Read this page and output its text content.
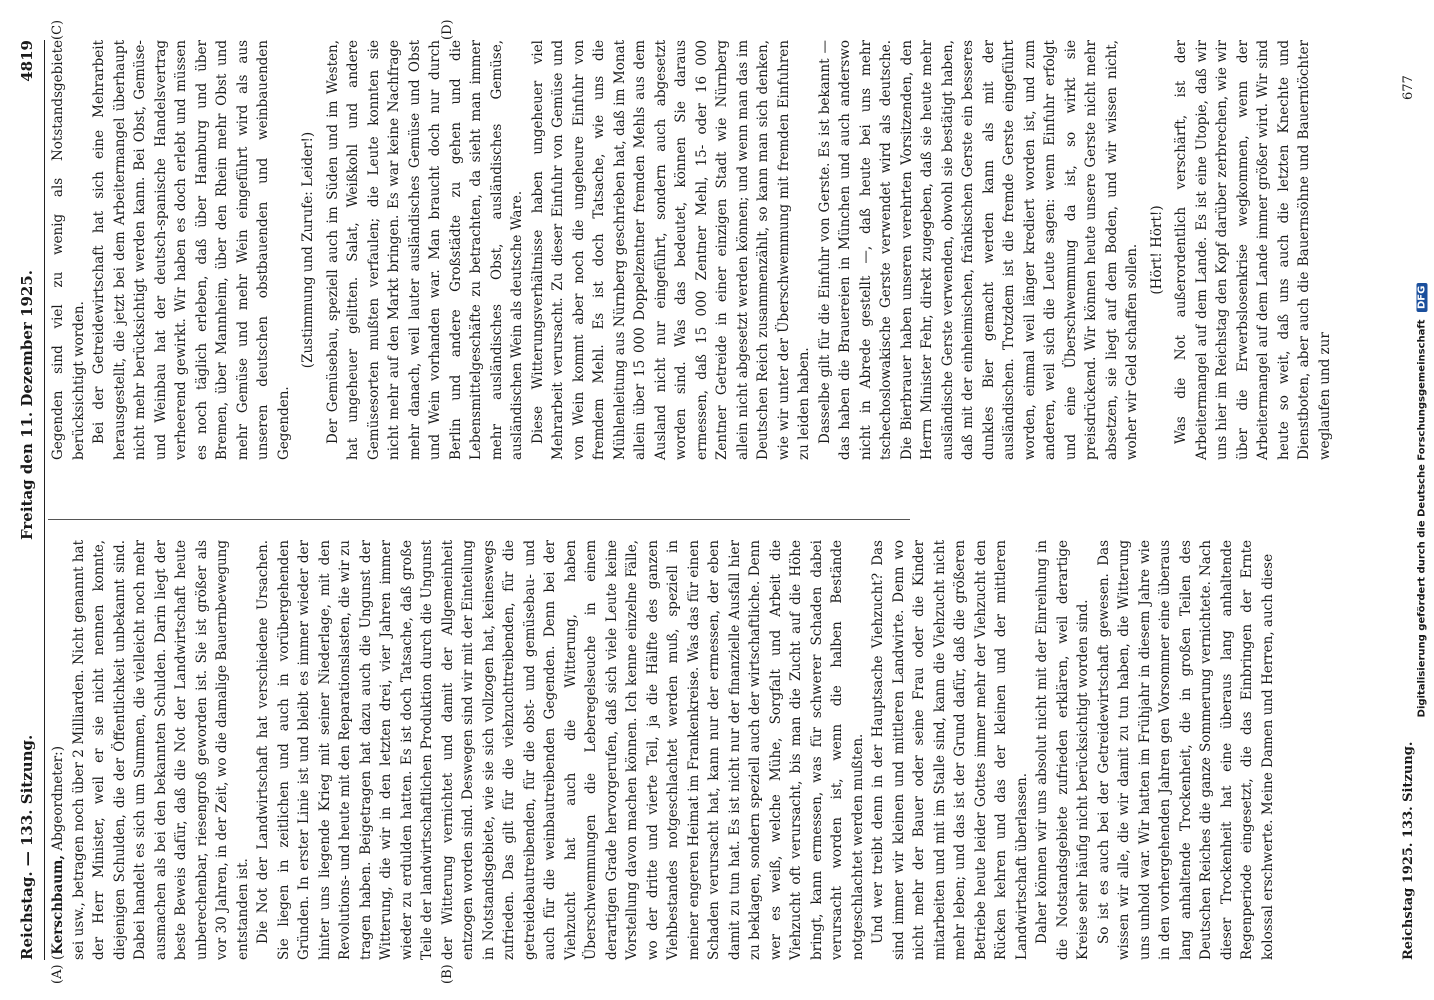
Reichstag. — 133. Sitzung.
Freitag den 11. Dezember 1925.
4819
(A)	(B)
(C)	(D)

(Kerschbaum, Abgeordneter:) sei usw., betragen noch über 2 Milliarden. Nicht genannt hat der Herr Minister, weil er sie nicht nennen konnte, diejenigen Schulden, die der Öffentlichkeit unbekannt sind. Dabei handelt es sich um Summen, die vielleicht noch mehr ausmachen als bei den bekannten Schulden. Darin liegt der beste Beweis dafür, daß die Not der Landwirtschaft heute unberechenbar, riesengroß geworden ist. Sie ist größer als vor 30 Jahren, in der Zeit, wo die damalige Bauernbewegung entstanden ist. Die Not der Landwirtschaft hat verschiedene Ursachen. Sie liegen in zeitlichen und auch in vorübergehenden Gründen. In erster Linie ist und bleibt es immer wieder der hinter uns liegende Krieg mit seiner Niederlage, mit den Revolutions- und heute mit den Reparationslasten, die wir zu tragen haben. Beigetragen hat dazu auch die Ungunst der Witterung, die wir in den letzten drei, vier Jahren immer wieder zu erdulden hatten. Es ist doch Tatsache, daß große Teile der landwirtschaftlichen Produktion durch die Ungunst der Witterung vernichtet und damit der Allgemeinheit entzogen worden sind. Deswegen sind wir mit der Einteilung in Notstandsgebiete, wie sie sich vollzogen hat, keineswegs zufrieden. Das gilt für die viehzuchttreibenden, für die getreidebautreibenden, für die obst- und gemüsebau- und auch für die weinbautreibenden Gegenden. Denn bei der Viehzucht hat auch die Witterung, haben Überschwemmungen die Leberegelseuche in einem derartigen Grade hervorgerufen, daß sich viele Leute keine Vorstellung davon machen können. Ich kenne einzelne Fälle, wo der dritte und vierte Teil, ja die Hälfte des ganzen Viehbestandes notgeschlachtet werden muß, speziell in meiner engeren Heimat im Frankenkreise. Was das für einen Schaden verursacht hat, kann nur der ermessen, der eben damit zu tun hat. Es ist nicht nur der finanzielle Ausfall hier zu beklagen, sondern speziell auch der wirtschaftliche. Denn wer es weiß, welche Mühe, Sorgfalt und Arbeit die Viehzucht oft verursacht, bis man die Zucht auf die Höhe bringt, kann ermessen, was für schwerer Schaden dabei verursacht worden ist, wenn die halben Bestände notgeschlachtet werden mußten. Und wer treibt denn in der Hauptsache Viehzucht? Das sind immer wir kleinen und mittleren Landwirte. Denn wo nicht mehr der Bauer oder seine Frau oder die Kinder mitarbeiten und mit im Stalle sind, kann die Viehzucht nicht mehr leben; und das ist der Grund dafür, daß die größeren Betriebe heute leider Gottes immer mehr der Viehzucht den Rücken kehren und das der kleinen und der mittleren Landwirtschaft überlassen. Daher können wir uns absolut nicht mit der Einreihung in die Notstandsgebiete zufrieden erklären, weil derartige Kreise sehr häufig nicht berücksichtigt worden sind. So ist es auch bei der Getreidewirtschaft gewesen. Das wissen wir alle, die wir damit zu tun haben, die Witterung uns unhold war. Wir hatten im Frühjahr in diesem Jahre wie in den vorhergehenden Jahren gen Vorsommer eine überaus lang anhaltende Trockenheit, die in großen Teilen des Deutschen Reiches die ganze Sommerung vernichtete. Nach dieser Trockenheit hat eine überaus lang anhaltende Regenperiode eingesetzt, die das Einbringen der Ernte kolossal erschwerte. Meine Damen und Herren, auch diese

Gegenden sind viel zu wenig als Notstandsgebiete berücksichtigt worden. Bei der Getreidewirtschaft hat sich eine Mehrarbeit herausgestellt, die jetzt bei dem Arbeitermangel überhaupt nicht mehr berücksichtigt werden kann. Bei Obst, Gemüse- und Weinbau hat der deutsch-spanische Handelsvertrag verheerend gewirkt. Wir haben es doch erlebt und müssen es noch täglich erleben, daß über Hamburg und über Bremen, über Mannheim, über den Rhein mehr Obst und mehr Gemüse und mehr Wein eingeführt wird als aus unseren deutschen obstbauenden und weinbauenden Gegenden.

(Zustimmung und Zurufe: Leider!) Der Gemüsebau, speziell auch im Süden und im Westen, hat ungeheuer gelitten. Salat, Weißkohl und andere Gemüsesorten mußten verfaulen; die Leute konnten sie nicht mehr auf den Markt bringen. Es war keine Nachfrage mehr danach, weil lauter ausländisches Gemüse und Obst und Wein vorhanden war. Man braucht doch nur durch Berlin und andere Großstädte zu gehen und die Lebensmittelgeschäfte zu betrachten, da sieht man immer mehr ausländisches Obst, ausländisches Gemüse, ausländischen Wein als deutsche Ware. Diese Witterungsverhältnisse haben ungeheuer viel Mehrarbeit verursacht. Zu dieser Einfuhr von Gemüse und von Wein kommt aber noch die ungeheure Einfuhr von fremdem Mehl. Es ist doch Tatsache, wie uns die Mühlenleitung aus Nürnberg geschrieben hat, daß im Monat allein über 15 000 Doppelzentner fremden Mehls aus dem Ausland nicht nur eingeführt, sondern auch abgesetzt worden sind. Was das bedeutet, können Sie daraus ermessen, daß 15 000 Zentner Mehl, 15- oder 16 000 Zentner Getreide in einer einzigen Stadt wie Nürnberg allein nicht abgesetzt werden können; und wenn man das im Deutschen Reich zusammenzählt, so kann man sich denken, wie wir unter der Überschwemmung mit fremden Einfuhren zu leiden haben. Dasselbe gilt für die Einfuhr von Gerste. Es ist bekannt — das haben die Brauereien in München und auch anderswo nicht in Abrede gestellt —, daß heute bei uns mehr tschechoslowakische Gerste verwendet wird als deutsche. Die Bierbrauer haben unseren verehrten Vorsitzenden, den Herrn Minister Fehr, direkt zugegeben, daß sie heute mehr ausländische Gerste verwenden, obwohl sie bestätigt haben, daß mit der einheimischen, fränkischen Gerste ein besseres dunkles Bier gemacht werden kann als mit der ausländischen. Trotzdem ist die fremde Gerste eingeführt worden, einmal weil länger krediert worden ist, und zum anderen, weil sich die Leute sagen: wenn Einfuhr erfolgt und eine Überschwemmung da ist, so wirkt sie preisdrückend. Wir können heute unsere Gerste nicht mehr absetzen, sie liegt auf dem Boden, und wir wissen nicht, woher wir Geld schaffen sollen. (Hört! Hört!) Was die Not außerordentlich verschärft, ist der Arbeitermangel auf dem Lande. Es ist eine Utopie, daß wir uns hier im Reichstag den Kopf darüber zerbrechen, wie wir über die Erwerbslosenkrise wegkommen, wenn der Arbeitermangel auf dem Lande immer größer wird. Wir sind heute so weit, daß uns auch die letzten Knechte und Dienstboten, aber auch die Bauernsöhne und Bauerntöchter weglaufen und zur

Reichstag 1925. 133. Sitzung.
677
Digitalisierung gefördert durch die Deutsche Forschungsgemeinschaft DFG
